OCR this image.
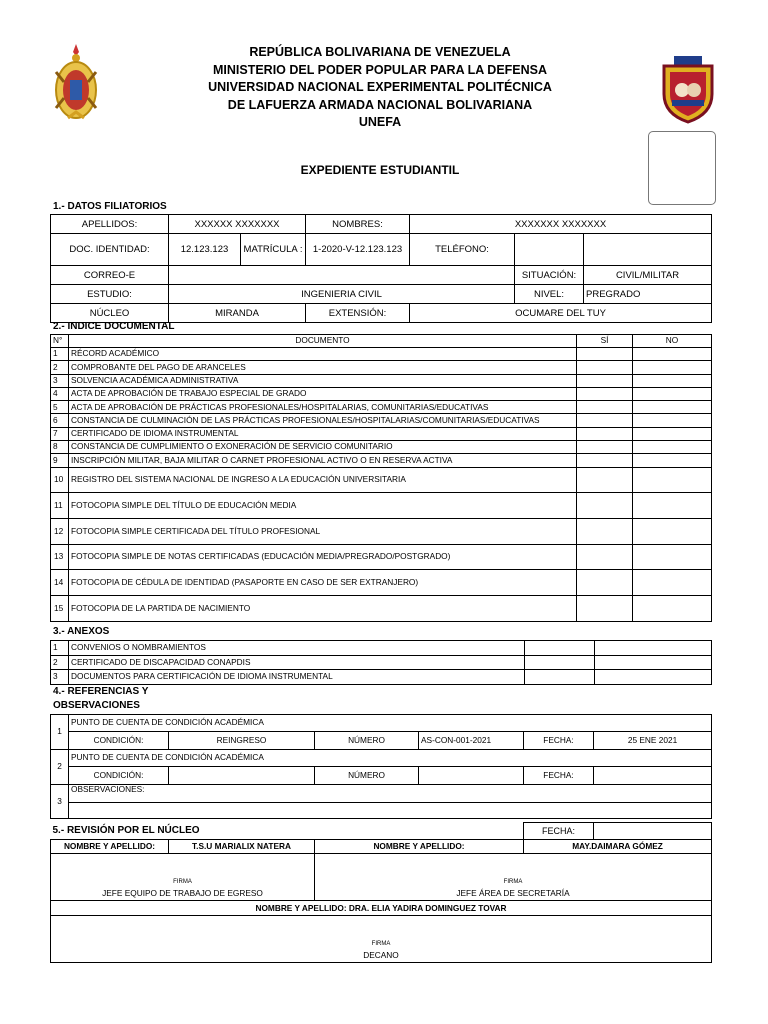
REPÚBLICA BOLIVARIANA DE VENEZUELA
MINISTERIO DEL PODER POPULAR PARA LA DEFENSA
UNIVERSIDAD NACIONAL EXPERIMENTAL POLITÉCNICA
DE LAFUERZA ARMADA NACIONAL BOLIVARIANA
UNEFA
EXPEDIENTE ESTUDIANTIL
1.- DATOS FILIATORIOS
APELLIDOS:	XXXXXX XXXXXXX		NOMBRES:	XXXXXXX XXXXXXX		
DOC. IDENTIDAD:	12.123.123	MATRÍCULA :	1-2020-V-12.123.123	TELÉFONO:		
CORREO-E					SITUACIÓN:	CIVIL/MILITAR
ESTUDIO:	INGENIERIA CIVIL				NIVEL:	PREGRADO
NÚCLEO	MIRANDA		EXTENSIÓN:	OCUMARE DEL TUY		
2.- INDICE DOCUMENTAL
N°	DOCUMENTO	SÍ	NO
1	RÉCORD ACADÉMICO		
2	COMPROBANTE DEL PAGO DE ARANCELES		
3	SOLVENCIA ACADÉMICA ADMINISTRATIVA		
4	ACTA DE APROBACIÓN DE TRABAJO ESPECIAL DE GRADO		
5	ACTA DE APROBACIÓN DE PRÁCTICAS PROFESIONALES/HOSPITALARIAS, COMUNITARIAS/EDUCATIVAS		
6	CONSTANCIA DE CULMINACIÓN DE LAS PRÁCTICAS PROFESIONALES/HOSPITALARIAS/COMUNITARIAS/EDUCATIVAS		
7	CERTIFICADO DE IDIOMA INSTRUMENTAL		
8	CONSTANCIA DE CUMPLIMIENTO O EXONERACIÓN DE SERVICIO COMUNITARIO		
9	INSCRIPCIÓN MILITAR, BAJA MILITAR O CARNET PROFESIONAL ACTIVO O EN RESERVA ACTIVA		
10	REGISTRO DEL SISTEMA NACIONAL DE INGRESO A LA EDUCACIÓN UNIVERSITARIA		
11	FOTOCOPIA SIMPLE DEL TÍTULO DE EDUCACIÓN MEDIA		
12	FOTOCOPIA SIMPLE CERTIFICADA DEL TÍTULO PROFESIONAL		
13	FOTOCOPIA SIMPLE DE NOTAS CERTIFICADAS (EDUCACIÓN MEDIA/PREGRADO/POSTGRADO)		
14	FOTOCOPIA DE CÉDULA DE IDENTIDAD (PASAPORTE EN CASO DE SER EXTRANJERO)		
15	FOTOCOPIA DE LA PARTIDA DE NACIMIENTO		
3.- ANEXOS
1	CONVENIOS O NOMBRAMIENTOS		
2	CERTIFICADO DE DISCAPACIDAD CONAPDIS		
3	DOCUMENTOS PARA CERTIFICACIÓN DE IDIOMA INSTRUMENTAL		
4.- REFERENCIAS Y
OBSERVACIONES
1	PUNTO DE CUENTA DE CONDICIÓN ACADÉMICA					
	CONDICIÓN:	REINGRESO	NÚMERO	AS-CON-001-2021	FECHA:	25 ENE 2021
2	PUNTO DE CUENTA DE CONDICIÓN ACADÉMICA					
	CONDICIÓN:		NÚMERO		FECHA:	
3	OBSERVACIONES:					

5.- REVISIÓN POR EL NÚCLEO			FECHA:	
NOMBRE Y APELLIDO:	T.S.U MARIALIX NATERA	NOMBRE Y APELLIDO:	MAY.DAIMARA GÓMEZ	
FIRMA		FIRMA		
JEFE EQUIPO DE TRABAJO DE EGRESO		JEFE ÁREA DE SECRETARÍA		
NOMBRE Y APELLIDO: DRA. ELIA YADIRA DOMINGUEZ TOVAR				
FIRMA				
DECANO				
